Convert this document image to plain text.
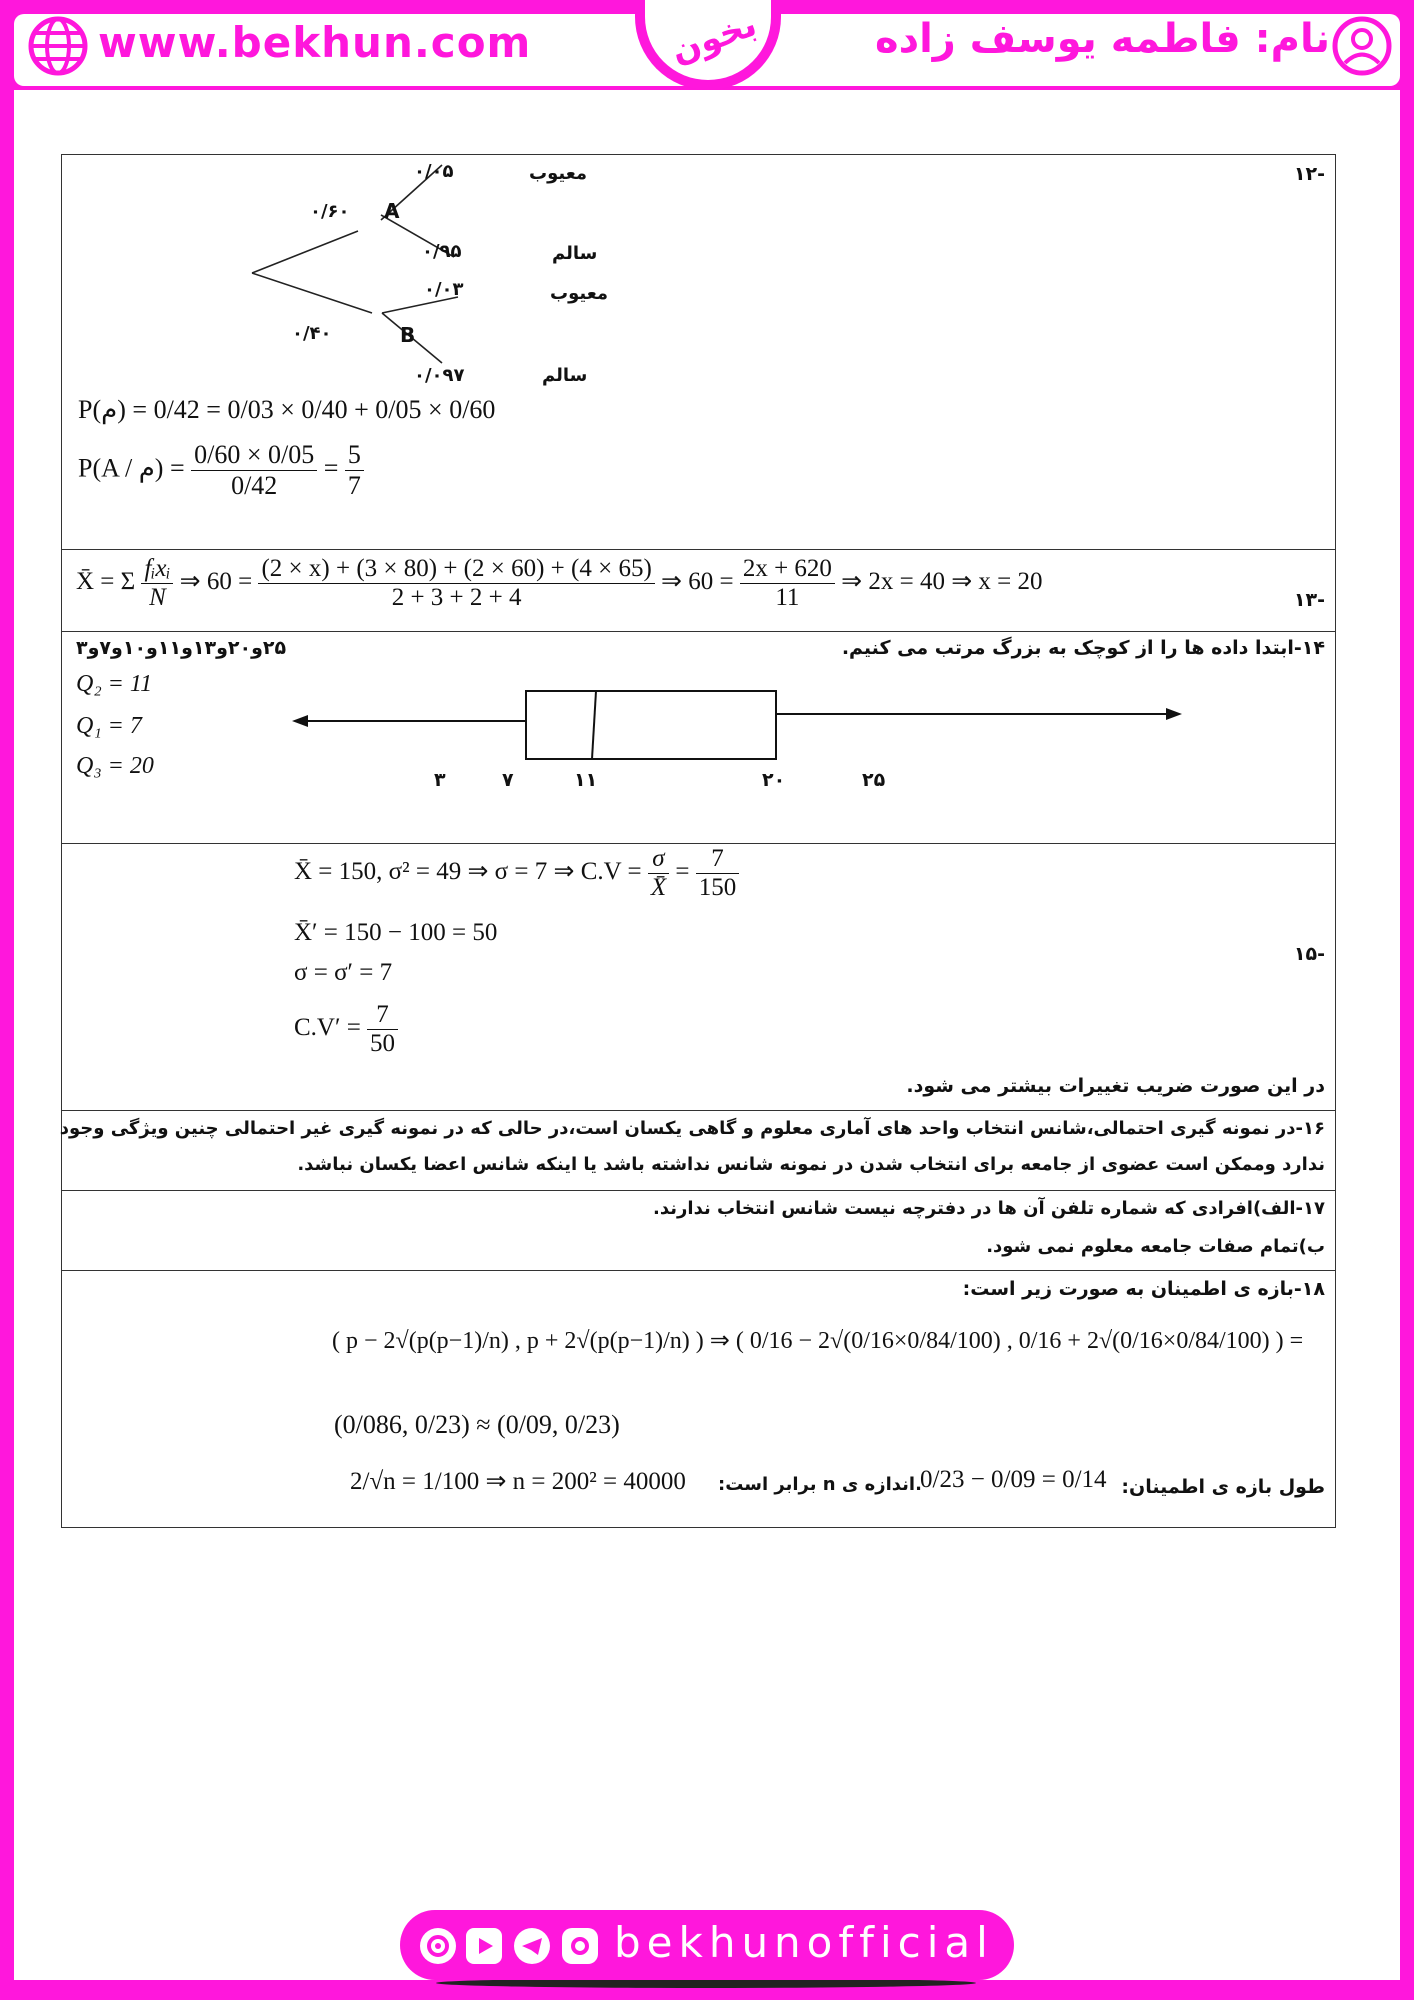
www.bekhun.com	بخون	نام: فاطمه یوسف زاده
-۱۲
معیوب
۰/۰۵
۰/۶۰ A
۰/۹۵	سالم
۰/۰۳	معیوب
۰/۴۰	B
۰/۰۹۷	سالم
P(م) = 0/60 × 0/05 + 0/40 × 0/03 = 0/42
P(A / م) = $\frac{0/60 \times 0/05}{0/42} = \frac{5}{7}$
-۱۳
X̄ = Σ $\frac{\text{fᵢxᵢ}}{N}$ ⇒ $60 = \frac{(2 \times x) + (3 \times 80) + (2 \times 60) + (4 \times 65)}{2 + 3 + 2 + 4}$ ⇒ $60 = \frac{2x + 620}{11}$ ⇒ 2x = 40 ⇒ x = 20
۱۴-ابتدا داده ها را از کوچک به بزرگ مرتب می کنیم.
۲۵و۲۰و۱۳و۱۱و۱۰و۷و۳
Q₂ = 11
Q₁ = 7
Q₃ = 20
۳	۷	۱۱	۲۰	۲۵
-۱۵
X̄ = 150, σ² = 49 ⇒ σ = 7 ⇒ $C.V = \frac{\sigma}{X̄} = \frac{7}{150}$
X̄′ = 150 − 100 = 50
σ = σ′ = 7
$C.V' = \frac{7}{50}$
در این صورت ضریب تغییرات بیشتر می شود.
۱۶-در نمونه گیری احتمالی،شانس انتخاب واحد های آماری معلوم و گاهی یکسان است،در حالی که در نمونه گیری غیر احتمالی چنین ویژگی وجود
ندارد وممکن است عضوی از جامعه برای انتخاب شدن در نمونه شانس نداشته باشد یا اینکه شانس اعضا یکسان نباشد.
۱۷-الف)افرادی که شماره تلفن آن ها در دفترچه نیست شانس انتخاب ندارند.
ب)تمام صفات جامعه معلوم نمی شود.
۱۸-بازه ی اطمینان به صورت زیر است:
( p − 2√(p(p−1)/n) , p + 2√(p(p−1)/n) ) ⇒ ( 0/16 − 2√(0/16×0/84/100) , 0/16 + 2√(0/16×0/84/100) ) =
(0/086, 0/23) ≈ (0/09, 0/23)
طول بازه ی اطمینان:
0/23 − 0/09 = 0/14
.اندازه ی n برابر است:
2/√n = 1/100 ⇒ n = 200² = 40000
bekhunofficial
